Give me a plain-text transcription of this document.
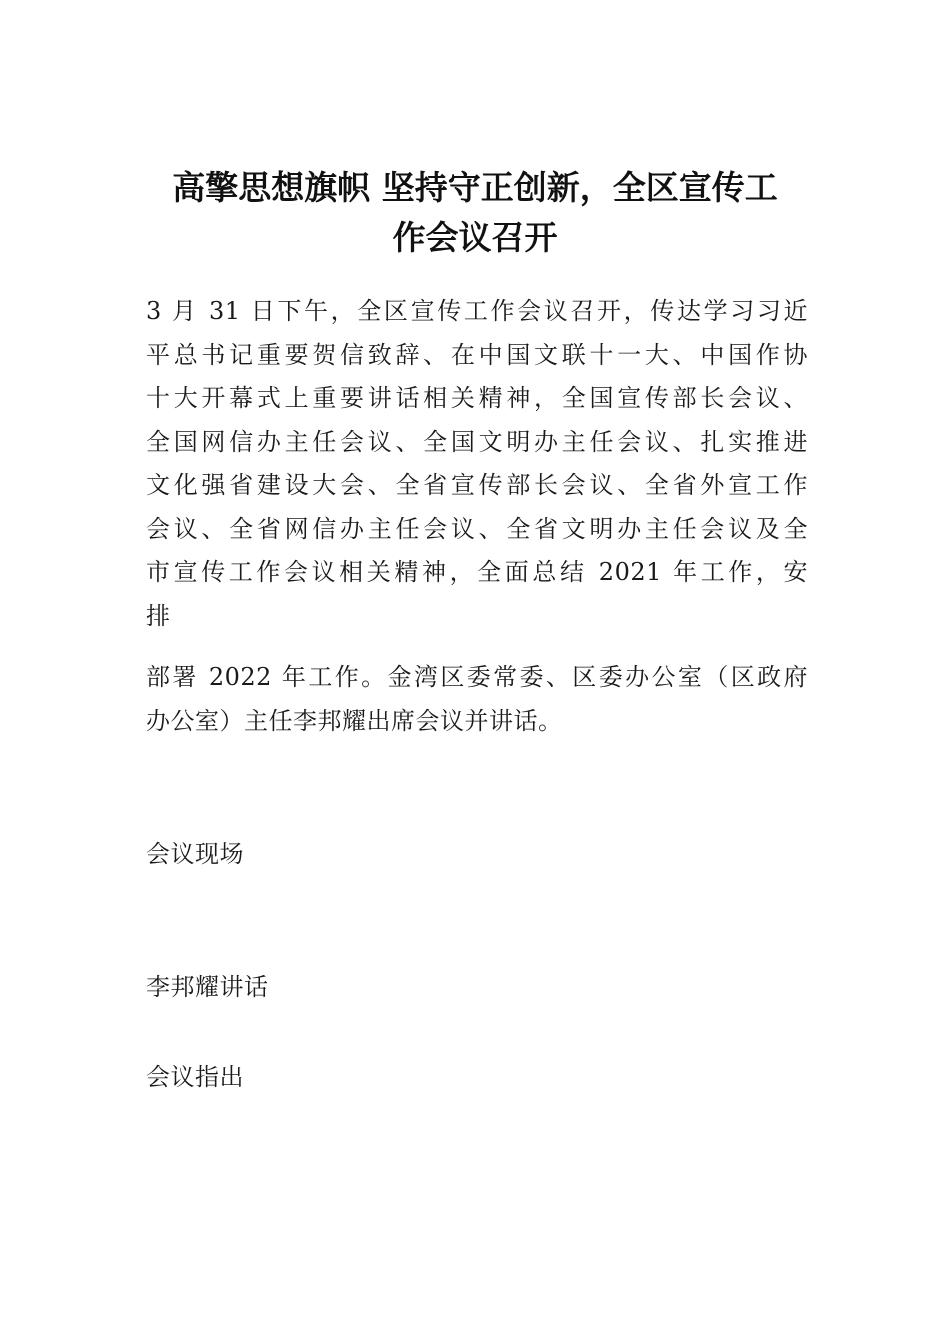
高擎思想旗帜 坚持守正创新，全区宣传工
作会议召开
3 月 31 日下午，全区宣传工作会议召开，传达学习习近
平总书记重要贺信致辞、在中国文联十一大、中国作协
十大开幕式上重要讲话相关精神，全国宣传部长会议、
全国网信办主任会议、全国文明办主任会议、扎实推进
文化强省建设大会、全省宣传部长会议、全省外宣工作
会议、全省网信办主任会议、全省文明办主任会议及全
市宣传工作会议相关精神，全面总结 2021 年工作，安
排
部署 2022 年工作。金湾区委常委、区委办公室（区政府
办公室）主任李邦耀出席会议并讲话。

会议现场

李邦耀讲话

会议指出
